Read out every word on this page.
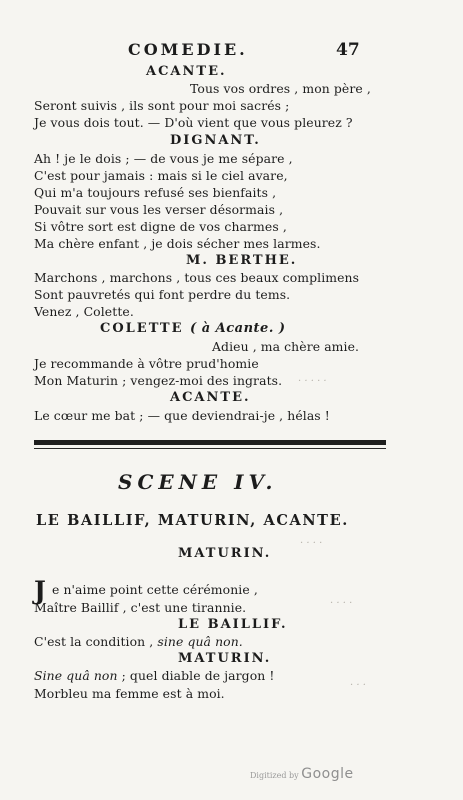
COMEDIE.	47
ACANTE.
Tous vos ordres , mon père ,
Seront suivis , ils sont pour moi sacrés ;
Je vous dois tout. — D'où vient que vous pleurez ?
DIGNANT.
Ah ! je le dois ; — de vous je me sépare ,
C'est pour jamais : mais si le ciel avare,
Qui m'a toujours refusé ses bienfaits ,
Pouvait sur vous les verser désormais ,
Si vôtre sort est digne de vos charmes ,
Ma chère enfant , je dois sécher mes larmes.
M. BERTHE.
Marchons , marchons , tous ces beaux complimens
Sont pauvretés qui font perdre du tems.
Venez , Colette.
COLETTE ( à Acante. )
Adieu , ma chère amie.
Je recommande à vôtre prud'homie
Mon Maturin ; vengez-moi des ingrats.
ACANTE.
Le cœur me bat ; — que deviendrai-je , hélas !
· · · · ·
· · · ·
· · · ·
· · ·
SCENE IV.
LE BAILLIF, MATURIN, ACANTE.
MATURIN.
J e n'aime point cette cérémonie ,
Maître Baillif , c'est une tirannie.
LE BAILLIF.
C'est la condition , sine quâ non.
MATURIN.
Sine quâ non ; quel diable de jargon !
Morbleu ma femme est à moi.
Digitized by Google
